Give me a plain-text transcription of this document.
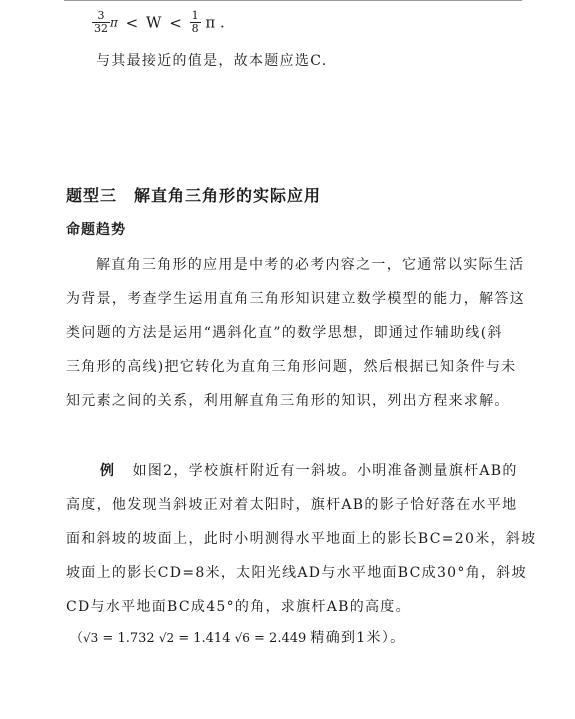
$\frac{3}{32}$ $\pi < W < \frac{1}{8}$ π .
与其最接近的值是，故本题应选C.
题型三　解直角三角形的实际应用
命题趋势
解直角三角形的应用是中考的必考内容之一，它通常以实际生活
为背景，考查学生运用直角三角形知识建立数学模型的能力，解答这
类问题的方法是运用“遇斜化直”的数学思想，即通过作辅助线(斜
三角形的高线)把它转化为直角三角形问题，然后根据已知条件与未
知元素之间的关系，利用解直角三角形的知识，列出方程来求解。
例 如图2，学校旗杆附近有一斜坡。小明准备测量旗杆AB的
高度，他发现当斜坡正对着太阳时，旗杆AB的影子恰好落在水平地
面和斜坡的坡面上，此时小明测得水平地面上的影长BC=20米，斜坡
坡面上的影长CD=8米，太阳光线AD与水平地面BC成30°角，斜坡
CD与水平地面BC成45°的角，求旗杆AB的高度。
（√3 = 1.732 √2 = 1.414 √6 = 2.449 精确到1米）。
